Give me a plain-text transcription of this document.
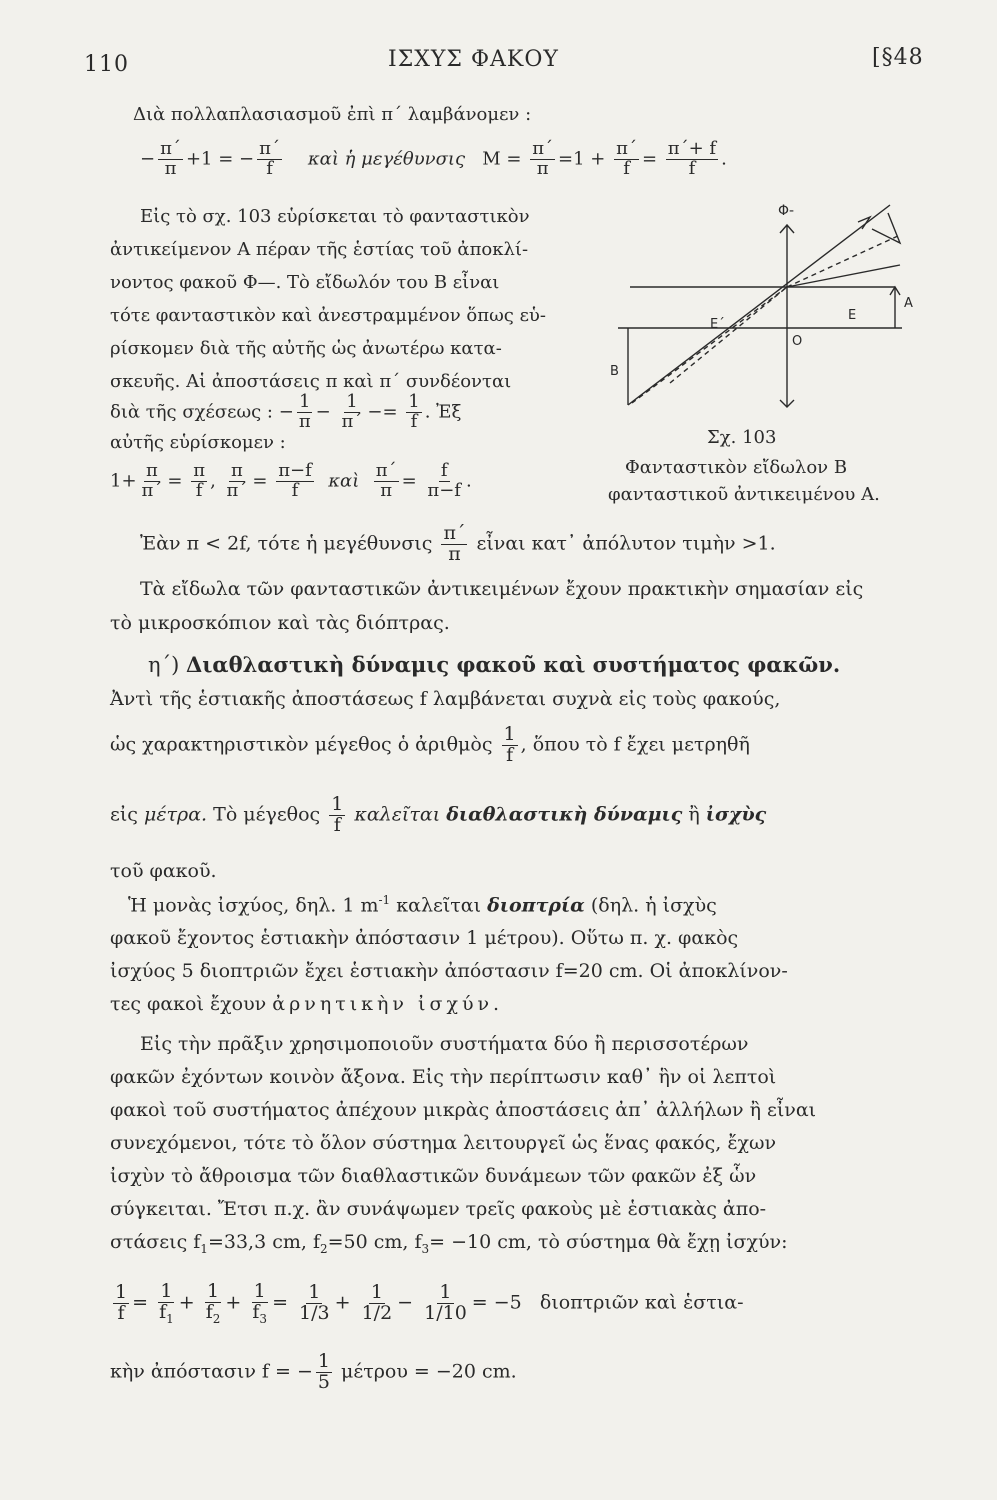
110	ΙΣΧΥΣ ΦΑΚΟΥ	[§48
Διὰ πολλαπλασιασμοῦ ἐπὶ π΄ λαμβάνομεν :
− $\frac{\pi΄}{\pi} +1$ = − $\frac{\pi΄}{f}$ καὶ ἡ μεγέθυνσις $M = \frac{\pi΄}{\pi} =1 + \frac{\pi΄}{f} = \frac{\pi΄+ f}{f}$ .
Εἰς τὸ σχ. 103 εὑρίσκεται τὸ φανταστικὸν
ἀντικείμενον Α πέραν τῆς ἑστίας τοῦ ἀποκλί-
νοντος φακοῦ Φ—. Τὸ εἴδωλόν του Β εἶναι
τότε φανταστικὸν καὶ ἀνεστραμμένον ὅπως εὑ-
ρίσκομεν διὰ τῆς αὐτῆς ὡς ἀνωτέρω κατα-
σκευῆς. Αἱ ἀποστάσεις π καὶ π΄ συνδέονται
διὰ τῆς σχέσεως : − $\frac{1}{\pi} - \frac{1}{\pi΄} -= \frac{1}{f}$ . Ἐξ
αὐτῆς εὑρίσκομεν :
$1+ \frac{\pi}{\pi΄} = \frac{\pi}{f}$ , $\frac{\pi}{\pi΄} = \frac{\pi-f}{f}$ καὶ $\frac{\pi΄}{\pi} = \frac{f}{\pi-f}$ .
Φ-
A
B
E
E΄
O
Σχ. 103
Φανταστικὸν εἴδωλον Β
φανταστικοῦ ἀντικειμένου Α.
Ἐὰν π < 2f, τότε ἡ μεγέθυνσις $\frac{\pi΄}{\pi}$ εἶναι κατ᾿ ἀπόλυτον τιμὴν >1.
Τὰ εἴδωλα τῶν φανταστικῶν ἀντικειμένων ἔχουν πρακτικὴν σημασίαν εἰς
τὸ μικροσκόπιον καὶ τὰς διόπτρας.
η΄) Διαθλαστικὴ δύναμις φακοῦ καὶ συστήματος φακῶν.
Ἀντὶ τῆς ἑστιακῆς ἀποστάσεως f λαμβάνεται συχνὰ εἰς τοὺς φακούς,
ὡς χαρακτηριστικὸν μέγεθος ὁ ἀριθμὸς $\frac{1}{f}$ , ὅπου τὸ f ἔχει μετρηθῆ
εἰς μέτρα. Τὸ μέγεθος $\frac{1}{f}$ καλεῖται διαθλαστικὴ δύναμις ἢ ἰσχὺς
τοῦ φακοῦ.
Ἡ μονὰς ἰσχύος, δηλ. 1 $m^{-1}$ καλεῖται διοπτρία (δηλ. ἡ ἰσχὺς
φακοῦ ἔχοντος ἑστιακὴν ἀπόστασιν 1 μέτρου). Οὕτω π. χ. φακὸς
ἰσχύος 5 διοπτριῶν ἔχει ἑστιακὴν ἀπόστασιν f=20 cm. Οἱ ἀποκλίνον-
τες φακοὶ ἔχουν ἀρνητικὴν ἰσχύν.
Εἰς τὴν πρᾶξιν χρησιμοποιοῦν συστήματα δύο ἢ περισσοτέρων
φακῶν ἐχόντων κοινὸν ἄξονα. Εἰς τὴν περίπτωσιν καθ᾿ ἣν οἱ λεπτοὶ
φακοὶ τοῦ συστήματος ἀπέχουν μικρὰς ἀποστάσεις ἀπ᾿ ἀλλήλων ἢ εἶναι
συνεχόμενοι, τότε τὸ ὅλον σύστημα λειτουργεῖ ὡς ἕνας φακός, ἔχων
ἰσχὺν τὸ ἄθροισμα τῶν διαθλαστικῶν δυνάμεων τῶν φακῶν ἐξ ὧν
σύγκειται. Ἔτσι π.χ. ἂν συνάψωμεν τρεῖς φακοὺς μὲ ἑστιακὰς ἀπο-
στάσεις $f_1=33,3$ cm, $f_2=50$ cm, $f_3= -10$ cm, τὸ σύστημα θὰ ἔχῃ ἰσχύν:
$\frac{1}{f} = \frac{1}{f_1} + \frac{1}{f_2} + \frac{1}{f_3} = \frac{1}{1/3} + \frac{1}{1/2} - \frac{1}{1/10} = -5$ διοπτριῶν καὶ ἑστια-
κὴν ἀπόστασιν f = − $\frac{1}{5}$ μέτρου = −20 cm.
